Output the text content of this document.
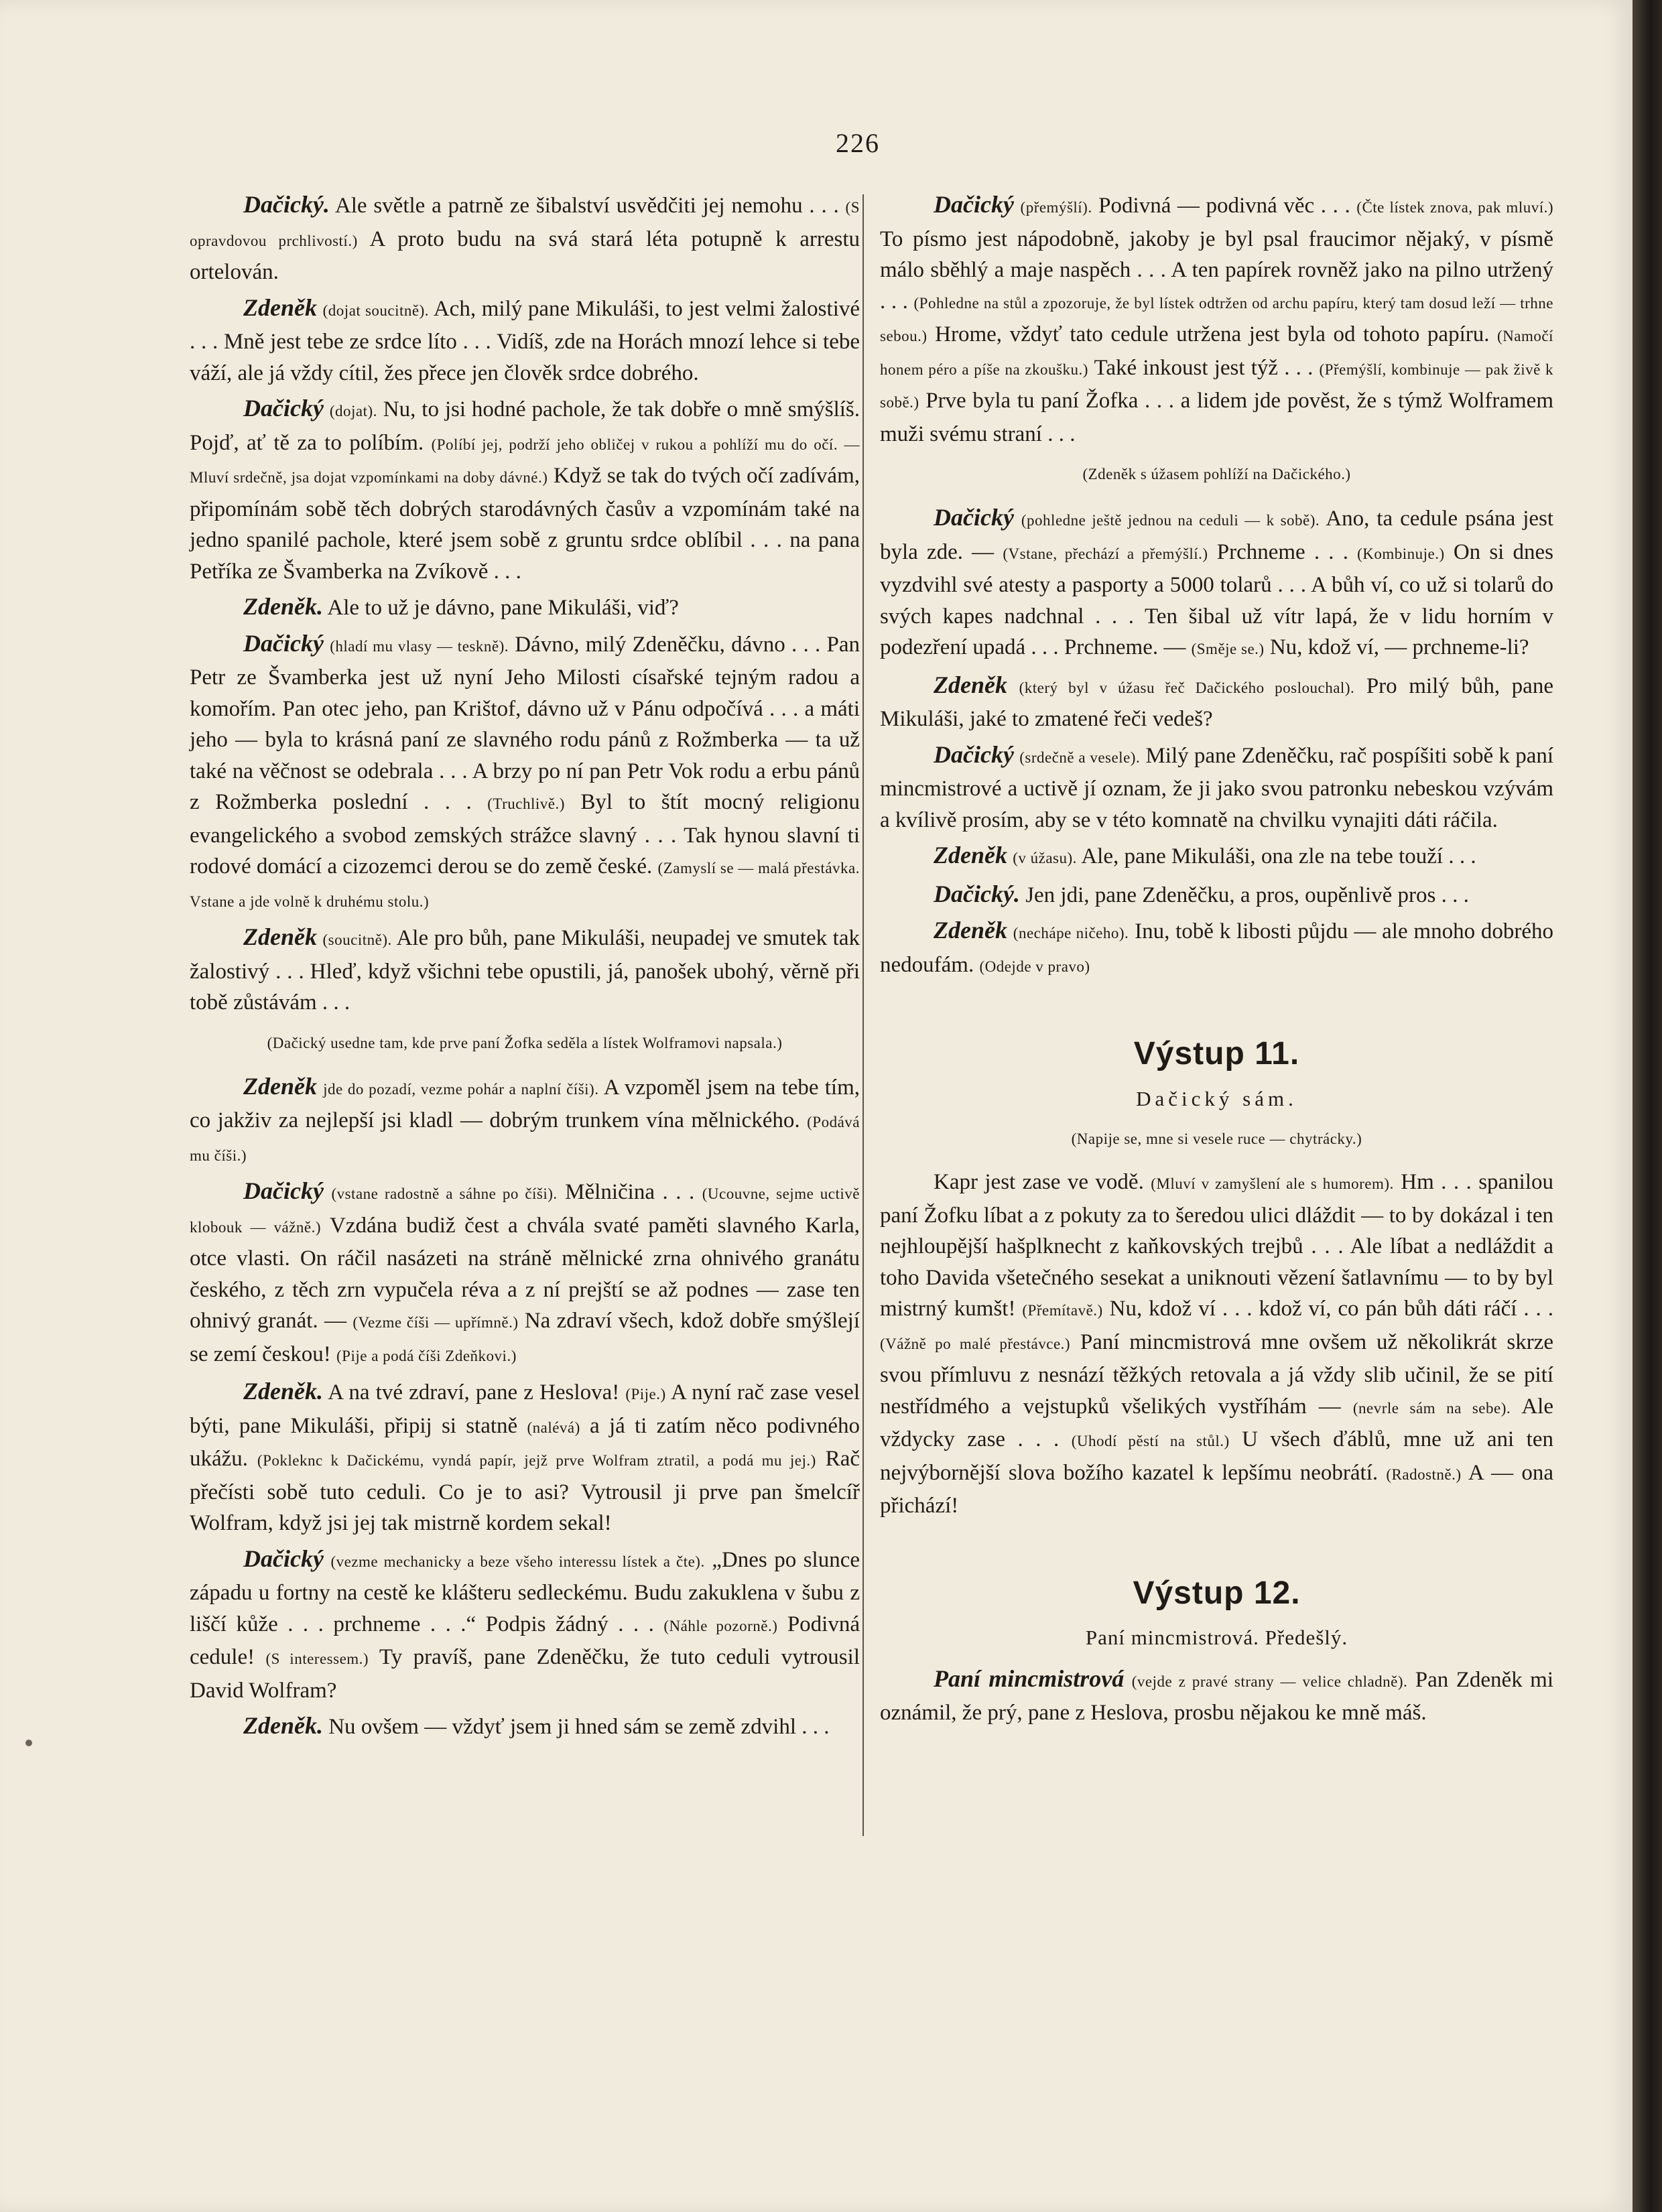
226

Dačický. Ale světle a patrně ze šibalství usvědčiti jej nemohu . . . (S opravdovou prchlivostí.) A proto budu na svá stará léta potupně k arrestu ortelován.

Zdeněk (dojat soucitně). Ach, milý pane Mikuláši, to jest velmi žalostivé . . . Mně jest tebe ze srdce líto . . . Vidíš, zde na Horách mnozí lehce si tebe váží, ale já vždy cítil, žes přece jen člověk srdce dobrého.

Dačický (dojat). Nu, to jsi hodné pachole, že tak dobře o mně smýšlíš. Pojď, ať tě za to políbím. (Políbí jej, podrží jeho obličej v rukou a pohlíží mu do očí. — Mluví srdečně, jsa dojat vzpomínkami na doby dávné.) Když se tak do tvých očí zadívám, připomínám sobě těch dobrých starodávných časův a vzpomínám také na jedno spanilé pachole, které jsem sobě z gruntu srdce oblíbil . . . na pana Petříka ze Švamberka na Zvíkově . . .

Zdeněk. Ale to už je dávno, pane Mikuláši, viď?

Dačický (hladí mu vlasy — teskně). Dávno, milý Zdeněčku, dávno . . . Pan Petr ze Švamberka jest už nyní Jeho Milosti císařské tejným radou a komořím. Pan otec jeho, pan Krištof, dávno už v Pánu odpočívá . . . a máti jeho — byla to krásná paní ze slavného rodu pánů z Rožmberka — ta už také na věčnost se odebrala . . . A brzy po ní pan Petr Vok rodu a erbu pánů z Rožmberka poslední . . . (Truchlivě.) Byl to štít mocný religionu evangelického a svobod zemských strážce slavný . . . Tak hynou slavní ti rodové domácí a cizozemci derou se do země české. (Zamyslí se — malá přestávka. Vstane a jde volně k druhému stolu.)

Zdeněk (soucitně). Ale pro bůh, pane Mikuláši, neupadej ve smutek tak žalostivý . . . Hleď, když všichni tebe opustili, já, panošek ubohý, věrně při tobě zůstávám . . .

(Dačický usedne tam, kde prve paní Žofka seděla a lístek Wolframovi napsala.)

Zdeněk jde do pozadí, vezme pohár a naplní číši). A vzpoměl jsem na tebe tím, co jakživ za nejlepší jsi kladl — dobrým trunkem vína mělnického. (Podává mu číši.)

Dačický (vstane radostně a sáhne po číši). Mělničina . . . (Ucouvne, sejme uctivě klobouk — vážně.) Vzdána budiž čest a chvála svaté paměti slavného Karla, otce vlasti. On ráčil nasázeti na stráně mělnické zrna ohnivého granátu českého, z těch zrn vypučela réva a z ní prejští se až podnes — zase ten ohnivý granát. — (Vezme číši — upřímně.) Na zdraví všech, kdož dobře smýšlejí se zemí českou! (Pije a podá číši Zdeňkovi.)

Zdeněk. A na tvé zdraví, pane z Heslova! (Pije.) A nyní rač zase vesel býti, pane Mikuláši, připij si statně (nalévá) a já ti zatím něco podivného ukážu. (Pokleknc k Dačickému, vyndá papír, jejž prve Wolfram ztratil, a podá mu jej.) Rač přečísti sobě tuto ceduli. Co je to asi? Vytrousil ji prve pan šmelcíř Wolfram, když jsi jej tak mistrně kordem sekal!

Dačický (vezme mechanicky a beze všeho interessu lístek a čte). „Dnes po slunce západu u fortny na cestě ke klášteru sedleckému. Budu zakuklena v šubu z liščí kůže . . . prchneme . . .“ Podpis žádný . . . (Náhle pozorně.) Podivná cedule! (S interessem.) Ty pravíš, pane Zdeněčku, že tuto ceduli vytrousil David Wolfram?

Zdeněk. Nu ovšem — vždyť jsem ji hned sám se země zdvihl . . .

Dačický (přemýšlí). Podivná — podivná věc . . . (Čte lístek znova, pak mluví.) To písmo jest nápodobně, jakoby je byl psal fraucimor nějaký, v písmě málo sběhlý a maje naspěch . . . A ten papírek rovněž jako na pilno utržený . . . (Pohledne na stůl a zpozoruje, že byl lístek odtržen od archu papíru, který tam dosud leží — trhne sebou.) Hrome, vždyť tato cedule utržena jest byla od tohoto papíru. (Namočí honem péro a píše na zkoušku.) Také inkoust jest týž . . . (Přemýšlí, kombinuje — pak živě k sobě.) Prve byla tu paní Žofka . . . a lidem jde pověst, že s týmž Wolframem muži svému straní . . .

(Zdeněk s úžasem pohlíží na Dačického.)

Dačický (pohledne ještě jednou na ceduli — k sobě). Ano, ta cedule psána jest byla zde. — (Vstane, přechází a přemýšlí.) Prchneme . . . (Kombinuje.) On si dnes vyzdvihl své atesty a pasporty a 5000 tolarů . . . A bůh ví, co už si tolarů do svých kapes nadchnal . . . Ten šibal už vítr lapá, že v lidu horním v podezření upadá . . . Prchneme. — (Směje se.) Nu, kdož ví, — prchneme-li?

Zdeněk (který byl v úžasu řeč Dačického poslouchal). Pro milý bůh, pane Mikuláši, jaké to zmatené řeči vedeš?

Dačický (srdečně a vesele). Milý pane Zdeněčku, rač pospíšiti sobě k paní mincmistrové a uctivě jí oznam, že ji jako svou patronku nebeskou vzývám a kvílivě prosím, aby se v této komnatě na chvilku vynajiti dáti ráčila.

Zdeněk (v úžasu). Ale, pane Mikuláši, ona zle na tebe touží . . .

Dačický. Jen jdi, pane Zdeněčku, a pros, oupěnlivě pros . . .

Zdeněk (nechápe ničeho). Inu, tobě k libosti půjdu — ale mnoho dobrého nedoufám. (Odejde v pravo)

Výstup 11.
Dačický sám.
(Napije se, mne si vesele ruce — chytrácky.)

Kapr jest zase ve vodě. (Mluví v zamyšlení ale s humorem). Hm . . . spanilou paní Žofku líbat a z pokuty za to šeredou ulici dláždit — to by dokázal i ten nejhloupější hašplknecht z kaňkovských trejbů . . . Ale líbat a nedláždit a toho Davida všetečného sesekat a uniknouti vězení šatlavnímu — to by byl mistrný kumšt! (Přemítavě.) Nu, kdož ví . . . kdož ví, co pán bůh dáti ráčí . . . (Vážně po malé přestávce.) Paní mincmistrová mne ovšem už několikrát skrze svou přímluvu z nesnází těžkých retovala a já vždy slib učinil, že se pití nestřídmého a vejstupků všelikých vystříhám — (nevrle sám na sebe). Ale vždycky zase . . . (Uhodí pěstí na stůl.) U všech ďáblů, mne už ani ten nejvýbornější slova božího kazatel k lepšímu neobrátí. (Radostně.) A — ona přichází!

Výstup 12.
Paní mincmistrová. Předešlý.

Paní mincmistrová (vejde z pravé strany — velice chladně). Pan Zdeněk mi oznámil, že prý, pane z Heslova, prosbu nějakou ke mně máš.
